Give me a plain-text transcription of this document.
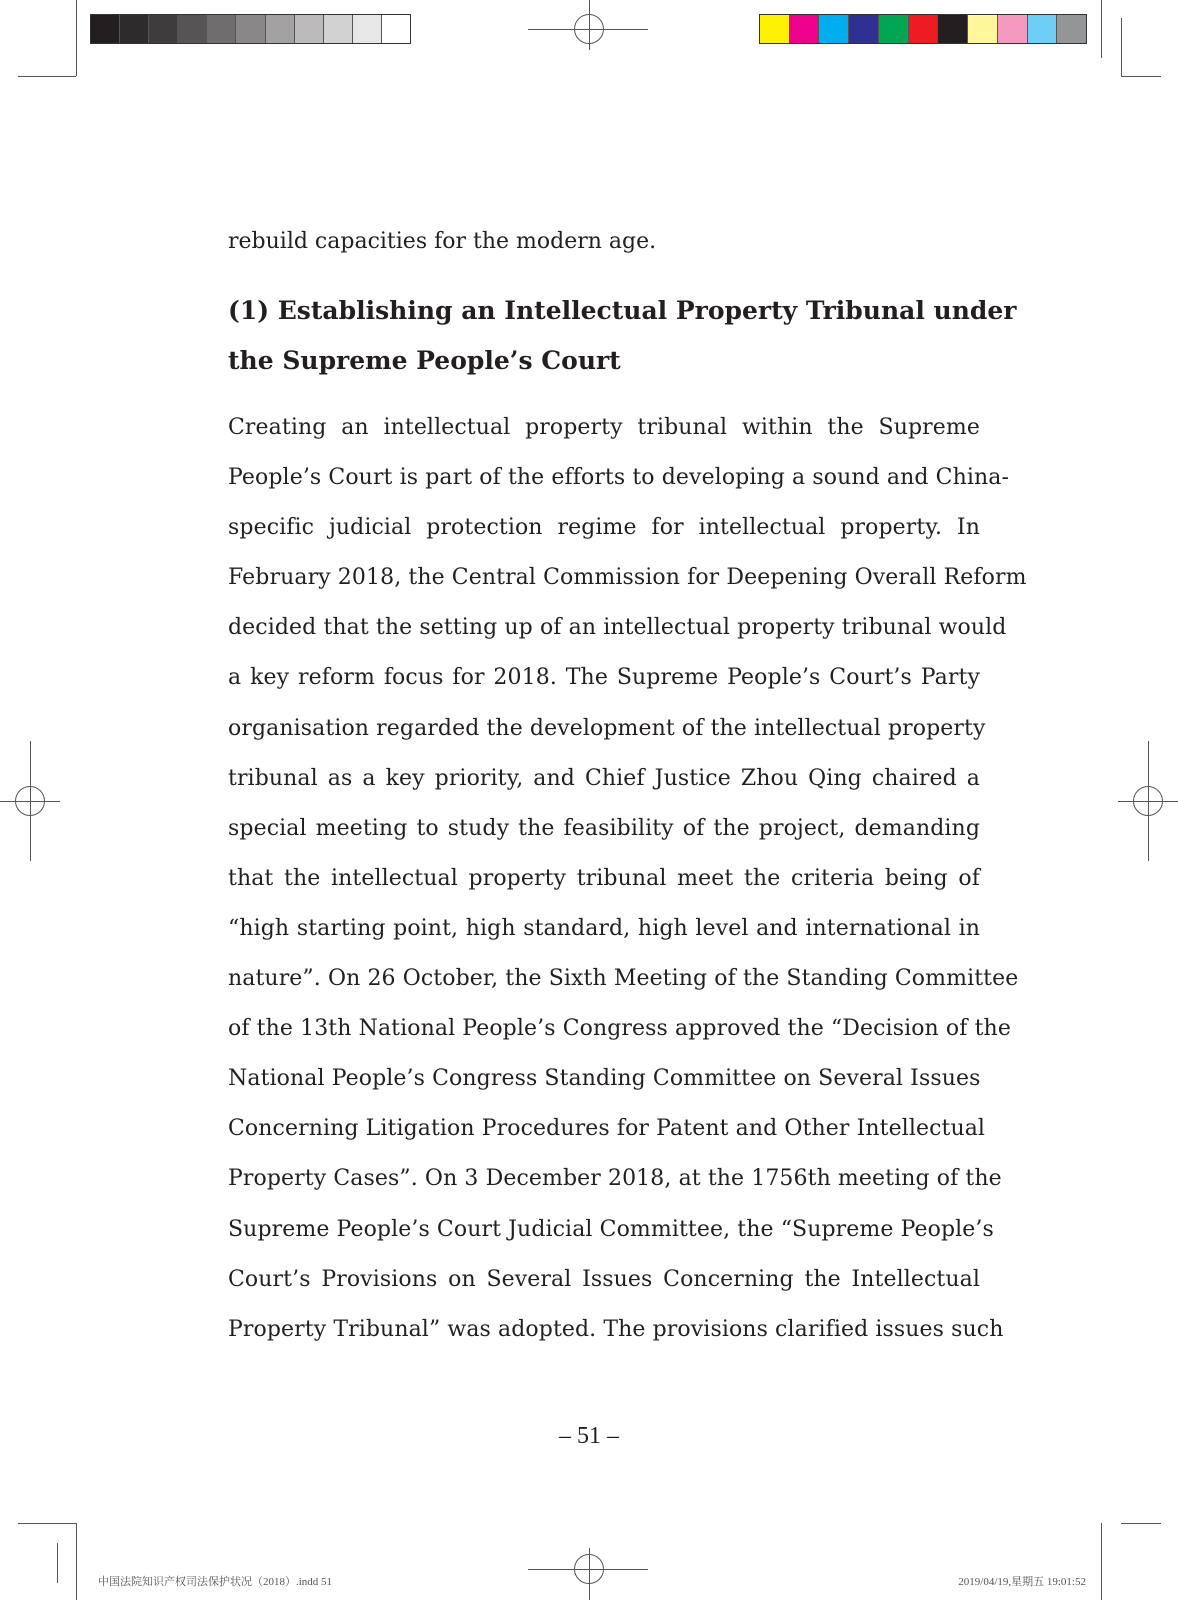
rebuild capacities for the modern age.
(1) Establishing an Intellectual Property Tribunal under
the Supreme People’s Court

Creating an intellectual property tribunal within the Supreme
People’s Court is part of the efforts to developing a sound and China-
specific judicial protection regime for intellectual property. In
February 2018, the Central Commission for Deepening Overall Reform
decided that the setting up of an intellectual property tribunal would
a key reform focus for 2018. The Supreme People’s Court’s Party
organisation regarded the development of the intellectual property
tribunal as a key priority, and Chief Justice Zhou Qing chaired a
special meeting to study the feasibility of the project, demanding
that the intellectual property tribunal meet the criteria being of
“high starting point, high standard, high level and international in
nature”. On 26 October, the Sixth Meeting of the Standing Committee
of the 13th National People’s Congress approved the “Decision of the
National People’s Congress Standing Committee on Several Issues
Concerning Litigation Procedures for Patent and Other Intellectual
Property Cases”. On 3 December 2018, at the 1756th meeting of the
Supreme People’s Court Judicial Committee, the “Supreme People’s
Court’s Provisions on Several Issues Concerning the Intellectual
Property Tribunal” was adopted. The provisions clarified issues such

– 51 –
中国法院知识产权司法保护状况（2018）.indd 51	2019/04/19,星期五 19:01:52
